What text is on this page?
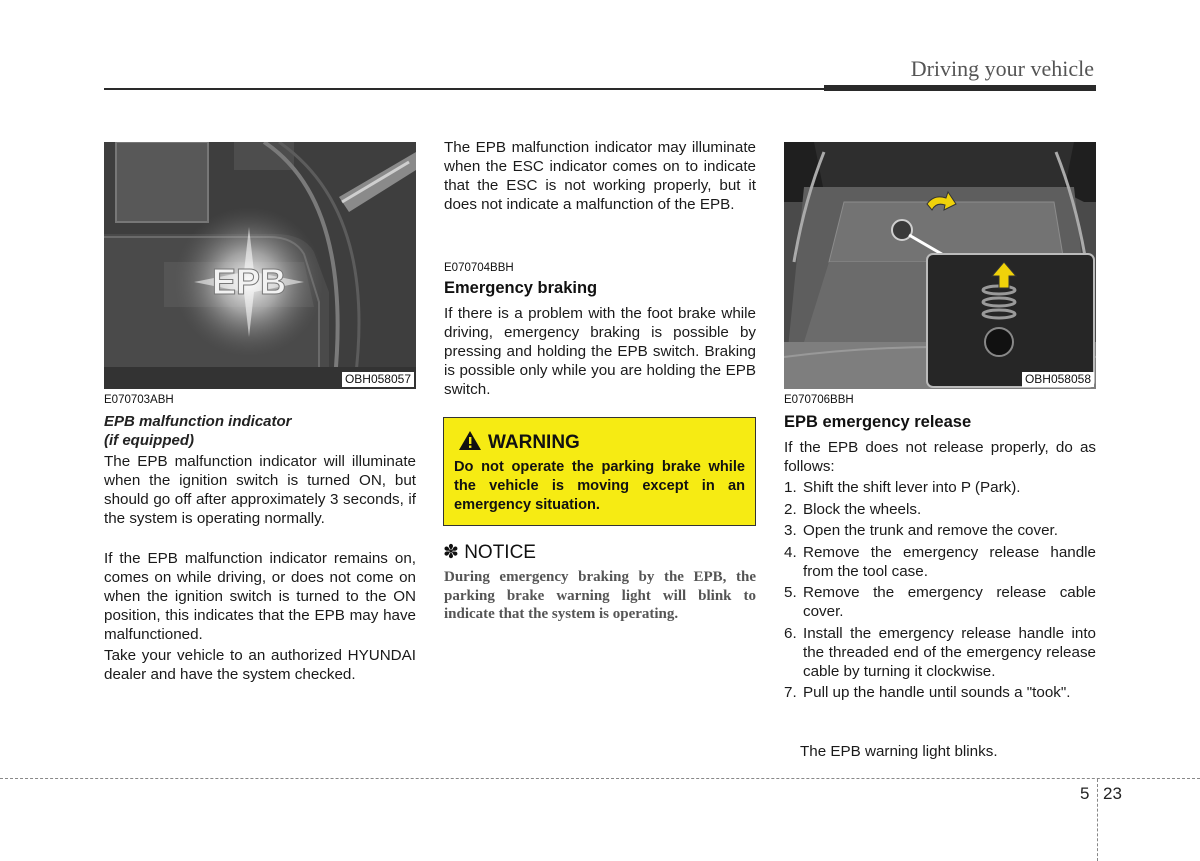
Driving your vehicle
EPB
OBH058057
E070703ABH
EPB malfunction indicator
(if equipped)
The EPB malfunction indicator will illuminate when the ignition switch is turned ON, but should go off after approximately 3 seconds, if the system is operating normally.
If the EPB malfunction indicator remains on, comes on while driving, or does not come on when the ignition switch is turned to the ON position, this indicates that the EPB may have malfunctioned.
Take your vehicle to an authorized HYUNDAI dealer and have the system checked.
The EPB malfunction indicator may illuminate when the ESC indicator comes on to indicate that the ESC is not working properly, but it does not indicate a malfunction of the EPB.
E070704BBH
Emergency braking
If there is a problem with the foot brake while driving, emergency braking is possible by pressing and holding the EPB switch. Braking is possible only while you are holding the EPB switch.
WARNING
Do not operate the parking brake while the vehicle is moving except in an emergency situation.
✽ NOTICE
During emergency braking by the EPB, the parking brake warning light will blink to indicate that the system is operating.
OBH058058
E070706BBH
EPB emergency release
If the EPB does not release properly, do as follows:
1. Shift the shift lever into P (Park).
2. Block the wheels.
3. Open the trunk and remove the cover.
4. Remove the emergency release handle from the tool case.
5. Remove the emergency release cable cover.
6. Install the emergency release handle into the threaded end of the emergency release cable by turning it clockwise.
7. Pull up the handle until sounds a "took".
The EPB warning light blinks.
5 23
